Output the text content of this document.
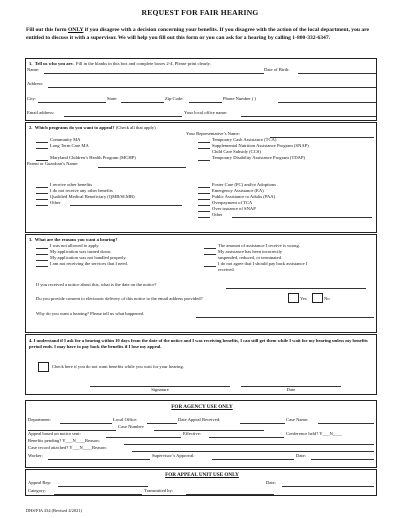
REQUEST FOR FAIR HEARING
Fill out this form ONLY if you disagree with a decision concerning your benefits. If you disagree with the action of the local department, you are entitled to discuss it with a supervisor. We will help you fill out this form or you can ask for a hearing by calling 1-800-332-6347.
1. Tell us who you are. Fill in the blanks in this box and complete boxes 2-4. Please print clearly.
Name:	Date of Birth:
Address:
City:	State:	Zip Code:	Phone Number ( )
Email address:	Your local office name:
2. Which programs do you want to appeal? (Check all that apply)
Your Representative’s Name:
Community MA
Long Term Care MA
Maryland Children’s Health Program (MCHP)
Temporary Cash Assistance (TCA)
Supplemental Nutrition Assistance Program (SNAP)
Child Care Subsidy (CCS)
Temporary Disability Assistance Program (TDAP)
Parent or Guardian’s Name:
I receive other benefits
I do not receive any other benefits
Qualified Medical Beneficiary (QMB/SLMB)
Other
Foster Care (FC) and/or Adoptions
Emergency Assistance (EA)
Public Assistance to Adults (PAA)
Overpayment of TCA
Over issuance of SNAP
Other
3. What are the reasons you want a hearing?
I was not allowed to apply.
My application was turned down.
My application was not handled properly.
I am not receiving the services that I need.
The amount of assistance I receive is wrong.
My assistance has been incorrectly
suspended, reduced, or terminated.
I do not agree that I should pay back assistance I
received.
If you received a notice about this, what is the date on the notice?
Do you provide consent to electronic delivery of this notice to the email address provided?	Yes	No
Why do you want a hearing? Please tell us what happened.
4. I understand if I ask for a hearing within 10 days from the date of the notice and I was receiving benefits, I can still get them while I wait for my hearing unless my benefits period ends. I may have to pay back the benefits if I lose my appeal.
Check here if you do not want benefits while you wait for your hearing.
Signature	Date
FOR AGENCY USE ONLY
Department:	Local Office:	Date Appeal Received:	Case Name:
Case Number:
Appeal based on notice sent:	Effective:	Conference held? Y___N____
Benefits pending? Y___N____Reason:
Case record attached? Y___N____Reason:
Worker:	Supervisor’s Approval:	Date:
FOR APPEAL UNIT USE ONLY
Appeal Rep:	Date:
Category:	Transmitted by:
DHS/FIA 334 (Revised 4/2021)
